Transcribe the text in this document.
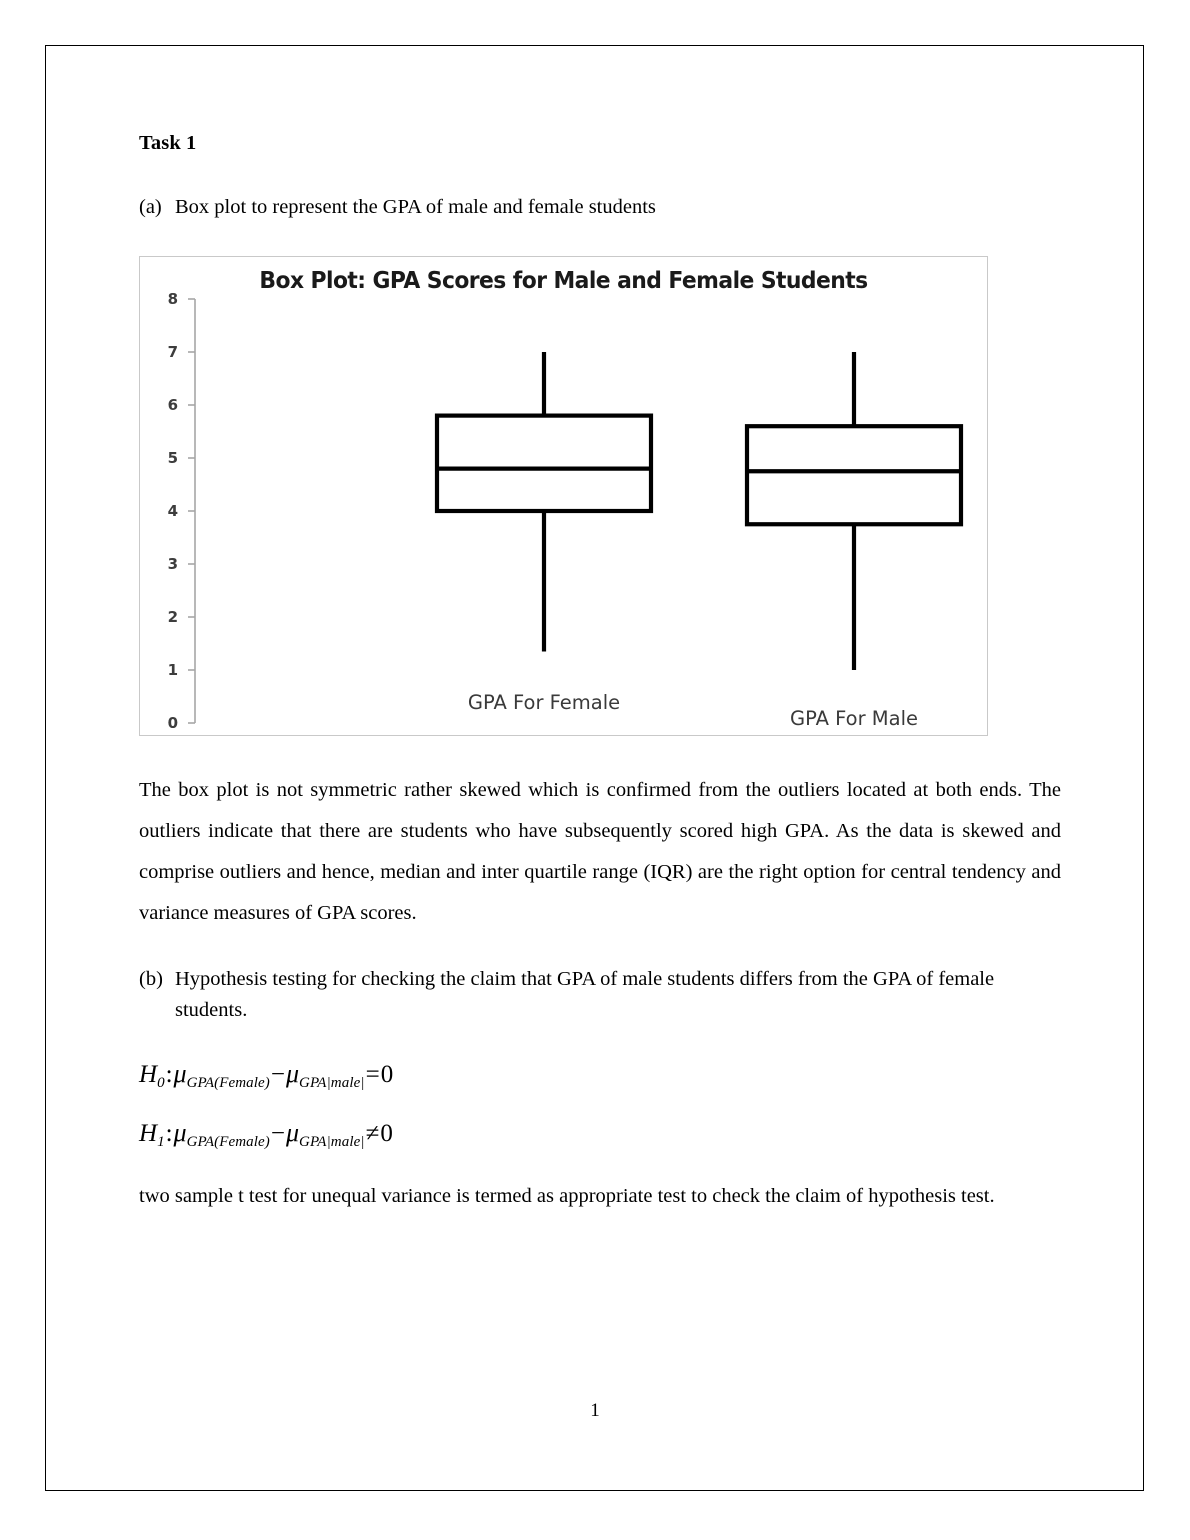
Task 1
(a) Box plot to represent the GPA of male and female students
Box Plot: GPA Scores for Male and Female Students
8
7
6
5
4
3
2
1
0
GPA For Female
GPA For Male

The box plot is not symmetric rather skewed which is confirmed from the outliers located at both ends. The outliers indicate that there are students who have subsequently scored high GPA. As the data is skewed and comprise outliers and hence, median and inter quartile range (IQR) are the right option for central tendency and variance measures of GPA scores.

(b) Hypothesis testing for checking the claim that GPA of male students differs from the GPA of female students.
$H0:\mu_{GPA(Female)}-\mu_{GPA|male|}=0$
$H1:\mu_{GPA(Female)}-\mu_{GPA|male|}\ne 0$

two sample t test for unequal variance is termed as appropriate test to check the claim of hypothesis test.

1
